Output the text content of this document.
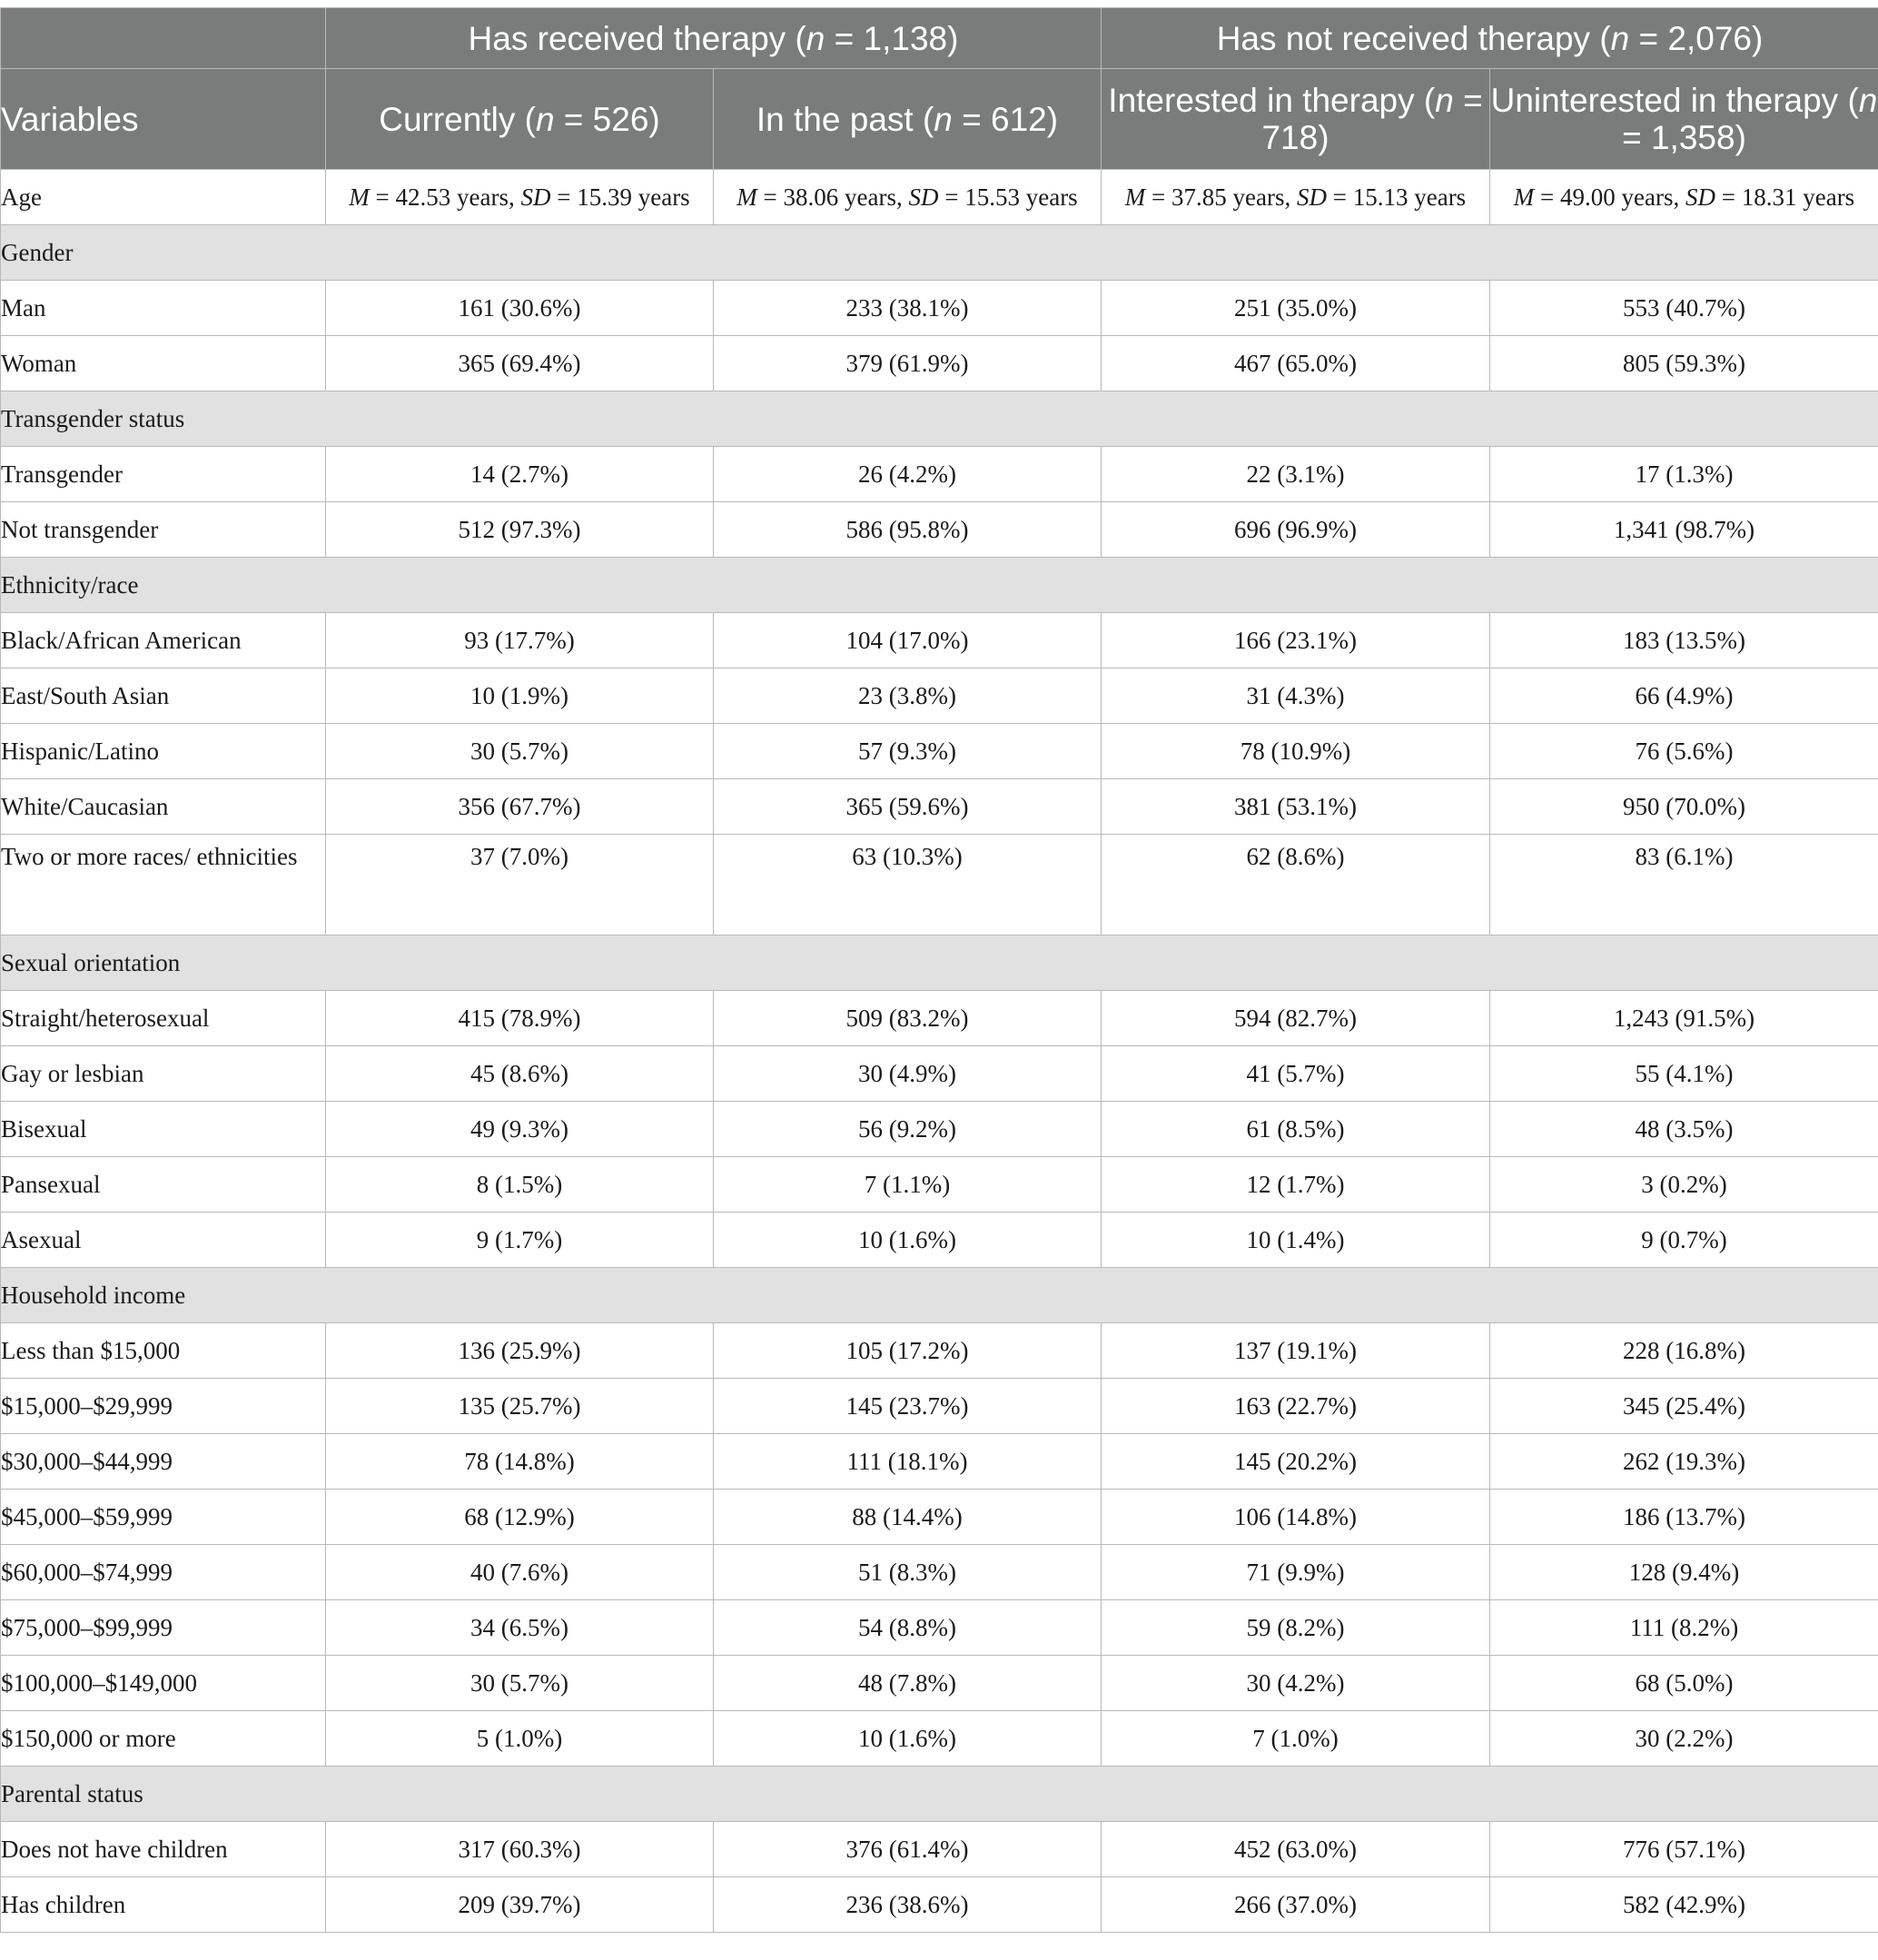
	Has received therapy (n = 1,138)		Has not received therapy (n = 2,076)	
Variables	Currently (n = 526)	In the past (n = 612)	Interested in therapy (n = 718)	Uninterested in therapy (n = 1,358)
Age	M = 42.53 years, SD = 15.39 years	M = 38.06 years, SD = 15.53 years	M = 37.85 years, SD = 15.13 years	M = 49.00 years, SD = 18.31 years
Gender				
Man	161 (30.6%)	233 (38.1%)	251 (35.0%)	553 (40.7%)
Woman	365 (69.4%)	379 (61.9%)	467 (65.0%)	805 (59.3%)
Transgender status				
Transgender	14 (2.7%)	26 (4.2%)	22 (3.1%)	17 (1.3%)
Not transgender	512 (97.3%)	586 (95.8%)	696 (96.9%)	1,341 (98.7%)
Ethnicity/race				
Black/African American	93 (17.7%)	104 (17.0%)	166 (23.1%)	183 (13.5%)
East/South Asian	10 (1.9%)	23 (3.8%)	31 (4.3%)	66 (4.9%)
Hispanic/Latino	30 (5.7%)	57 (9.3%)	78 (10.9%)	76 (5.6%)
White/Caucasian	356 (67.7%)	365 (59.6%)	381 (53.1%)	950 (70.0%)
Two or more races/ ethnicities	37 (7.0%)	63 (10.3%)	62 (8.6%)	83 (6.1%)
Sexual orientation				
Straight/heterosexual	415 (78.9%)	509 (83.2%)	594 (82.7%)	1,243 (91.5%)
Gay or lesbian	45 (8.6%)	30 (4.9%)	41 (5.7%)	55 (4.1%)
Bisexual	49 (9.3%)	56 (9.2%)	61 (8.5%)	48 (3.5%)
Pansexual	8 (1.5%)	7 (1.1%)	12 (1.7%)	3 (0.2%)
Asexual	9 (1.7%)	10 (1.6%)	10 (1.4%)	9 (0.7%)
Household income				
Less than $15,000	136 (25.9%)	105 (17.2%)	137 (19.1%)	228 (16.8%)
$15,000–$29,999	135 (25.7%)	145 (23.7%)	163 (22.7%)	345 (25.4%)
$30,000–$44,999	78 (14.8%)	111 (18.1%)	145 (20.2%)	262 (19.3%)
$45,000–$59,999	68 (12.9%)	88 (14.4%)	106 (14.8%)	186 (13.7%)
$60,000–$74,999	40 (7.6%)	51 (8.3%)	71 (9.9%)	128 (9.4%)
$75,000–$99,999	34 (6.5%)	54 (8.8%)	59 (8.2%)	111 (8.2%)
$100,000–$149,000	30 (5.7%)	48 (7.8%)	30 (4.2%)	68 (5.0%)
$150,000 or more	5 (1.0%)	10 (1.6%)	7 (1.0%)	30 (2.2%)
Parental status				
Does not have children	317 (60.3%)	376 (61.4%)	452 (63.0%)	776 (57.1%)
Has children	209 (39.7%)	236 (38.6%)	266 (37.0%)	582 (42.9%)
